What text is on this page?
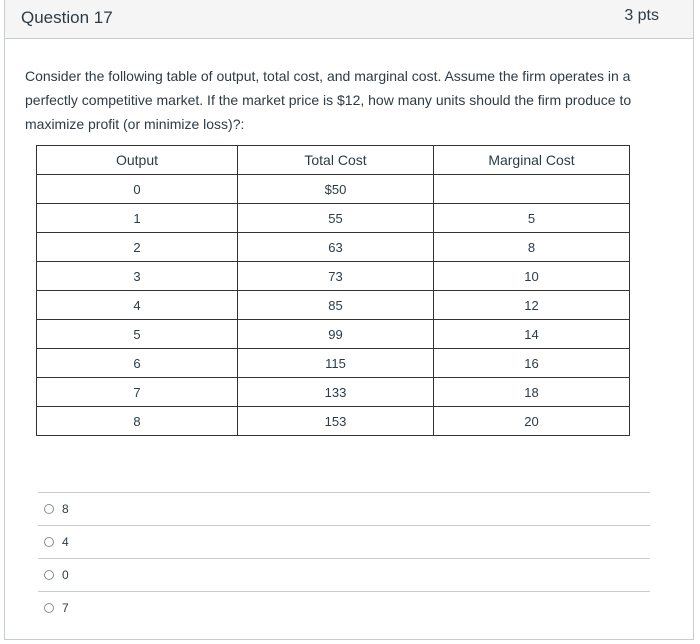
Question 17	3 pts
Consider the following table of output, total cost, and marginal cost. Assume the firm operates in a perfectly competitive market. If the market price is $12, how many units should the firm produce to maximize profit (or minimize loss)?:
Output	Total Cost	Marginal Cost
0	$50	
1	55	5
2	63	8
3	73	10
4	85	12
5	99	14
6	115	16
7	133	18
8	153	20
8
4
0
7
